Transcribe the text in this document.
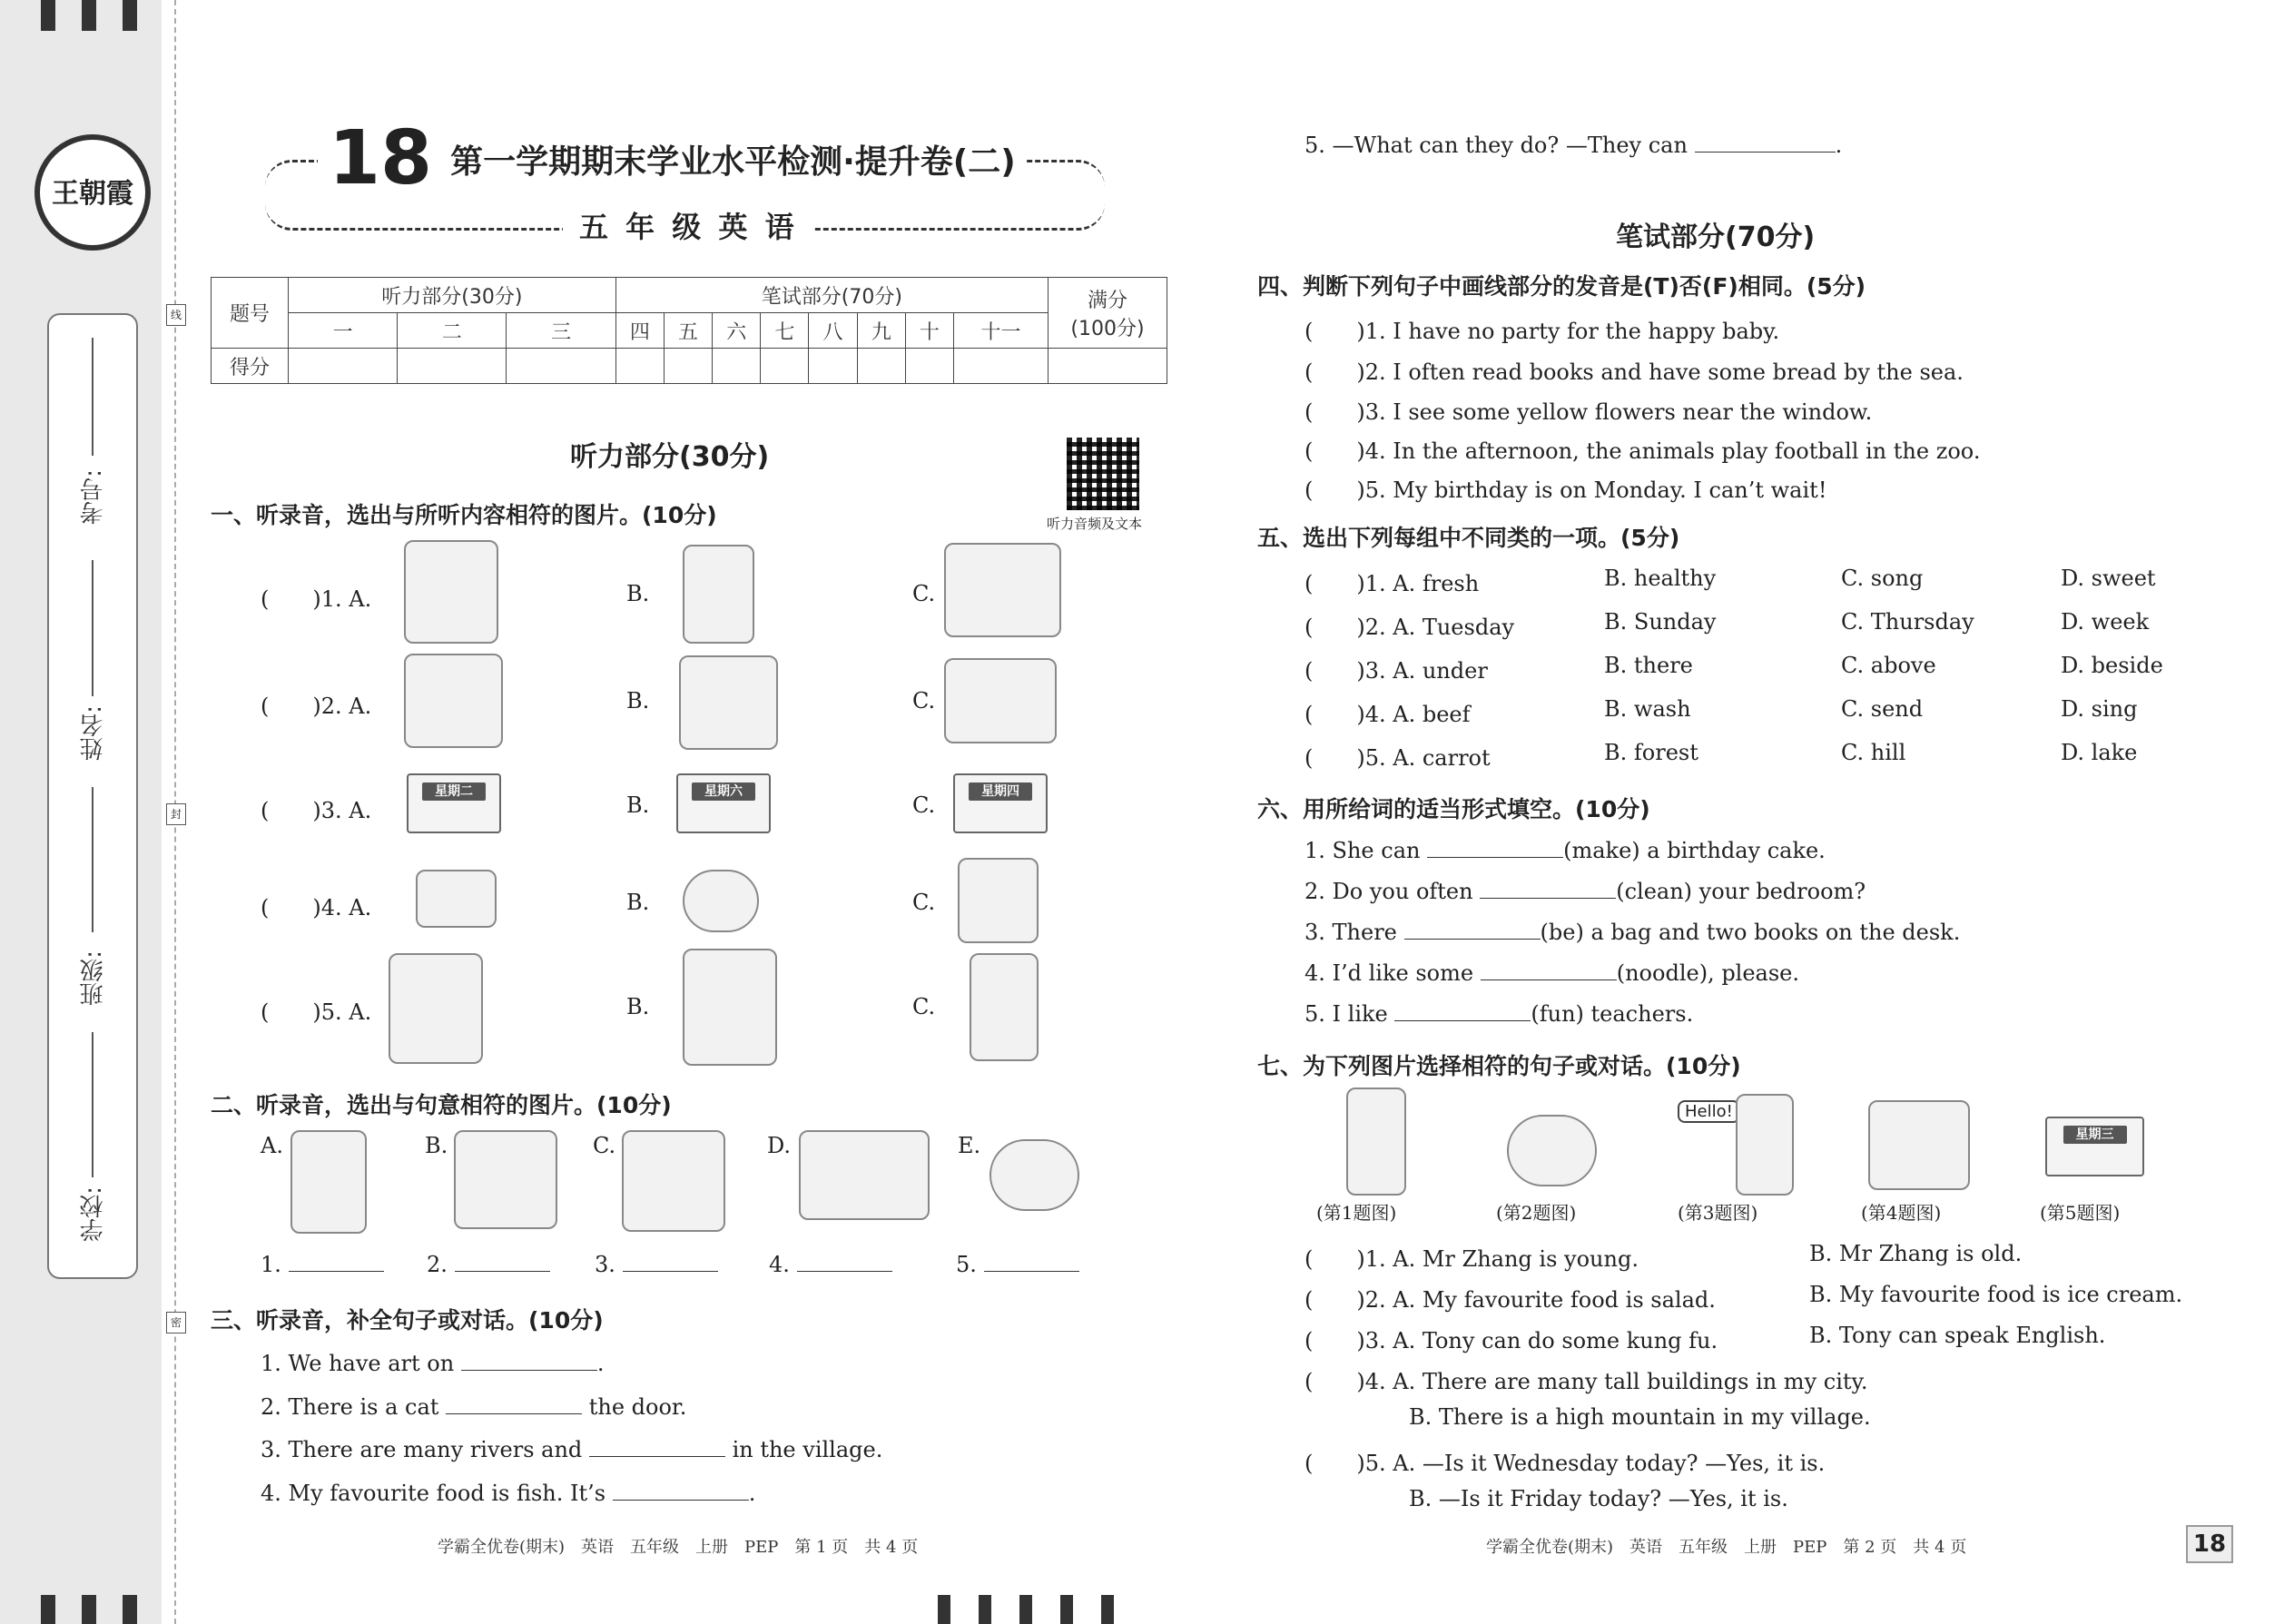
王朝霞
线
封
密
学校:
班级:
姓名:
考号:
18 第一学期期末学业水平检测·提升卷(二)
五 年 级 英 语
题号	听力部分(30分)			笔试部分(70分)								满分
(100分)

	一	二	三	四	五	六	七	八	九	十	十一	
得分												
听力部分(30分)
听力音频及文本
一、听录音，选出与所听内容相符的图片。(10分)
(　　)1. A.	B.	C.
(　　)2. A.	B.	C.
(　　)3. A.
星期二
B.
星期六
C.
星期四
(　　)4. A.	B.	C.
(　　)5. A.	B.	C.
二、听录音，选出与句意相符的图片。(10分)
A.	B.	C.	D.	E.
1.	2.	3.	4.	5.
三、听录音，补全句子或对话。(10分)
1. We have art on	.
2. There is a cat	the door.
3. There are many rivers and	in the village.
4. My favourite food is fish. It’s	.
学霸全优卷(期末)　英语　五年级　上册　PEP　第 1 页　共 4 页
5. —What can they do? —They can	.
笔试部分(70分)
四、判断下列句子中画线部分的发音是(T)否(F)相同。(5分)
(　　)1. I have no party for the happy baby.
(　　)2. I often read books and have some bread by the sea.
(　　)3. I see some yellow flowers near the window.
(　　)4. In the afternoon, the animals play football in the zoo.
(　　)5. My birthday is on Monday. I can’t wait!
五、选出下列每组中不同类的一项。(5分)
(　　)1. A. fresh	B. healthy	C. song	D. sweet
(　　)2. A. Tuesday	B. Sunday	C. Thursday	D. week
(　　)3. A. under	B. there	C. above	D. beside
(　　)4. A. beef	B. wash	C. send	D. sing
(　　)5. A. carrot	B. forest	C. hill	D. lake
六、用所给词的适当形式填空。(10分)
1. She can	(make) a birthday cake.
2. Do you often	(clean) your bedroom?
3. There	(be) a bag and two books on the desk.
4. I’d like some	(noodle), please.
5. I like	(fun) teachers.
七、为下列图片选择相符的句子或对话。(10分)
Hello!
星期三
(第1题图)	(第2题图)	(第3题图)	(第4题图)	(第5题图)
(　　)1. A. Mr Zhang is young.	B. Mr Zhang is old.
(　　)2. A. My favourite food is salad.	B. My favourite food is ice cream.
(　　)3. A. Tony can do some kung fu.	B. Tony can speak English.
(　　)4. A. There are many tall buildings in my city.
B. There is a high mountain in my village.
(　　)5. A. —Is it Wednesday today? —Yes, it is.
B. —Is it Friday today? —Yes, it is.
学霸全优卷(期末)　英语　五年级　上册　PEP　第 2 页　共 4 页	18
